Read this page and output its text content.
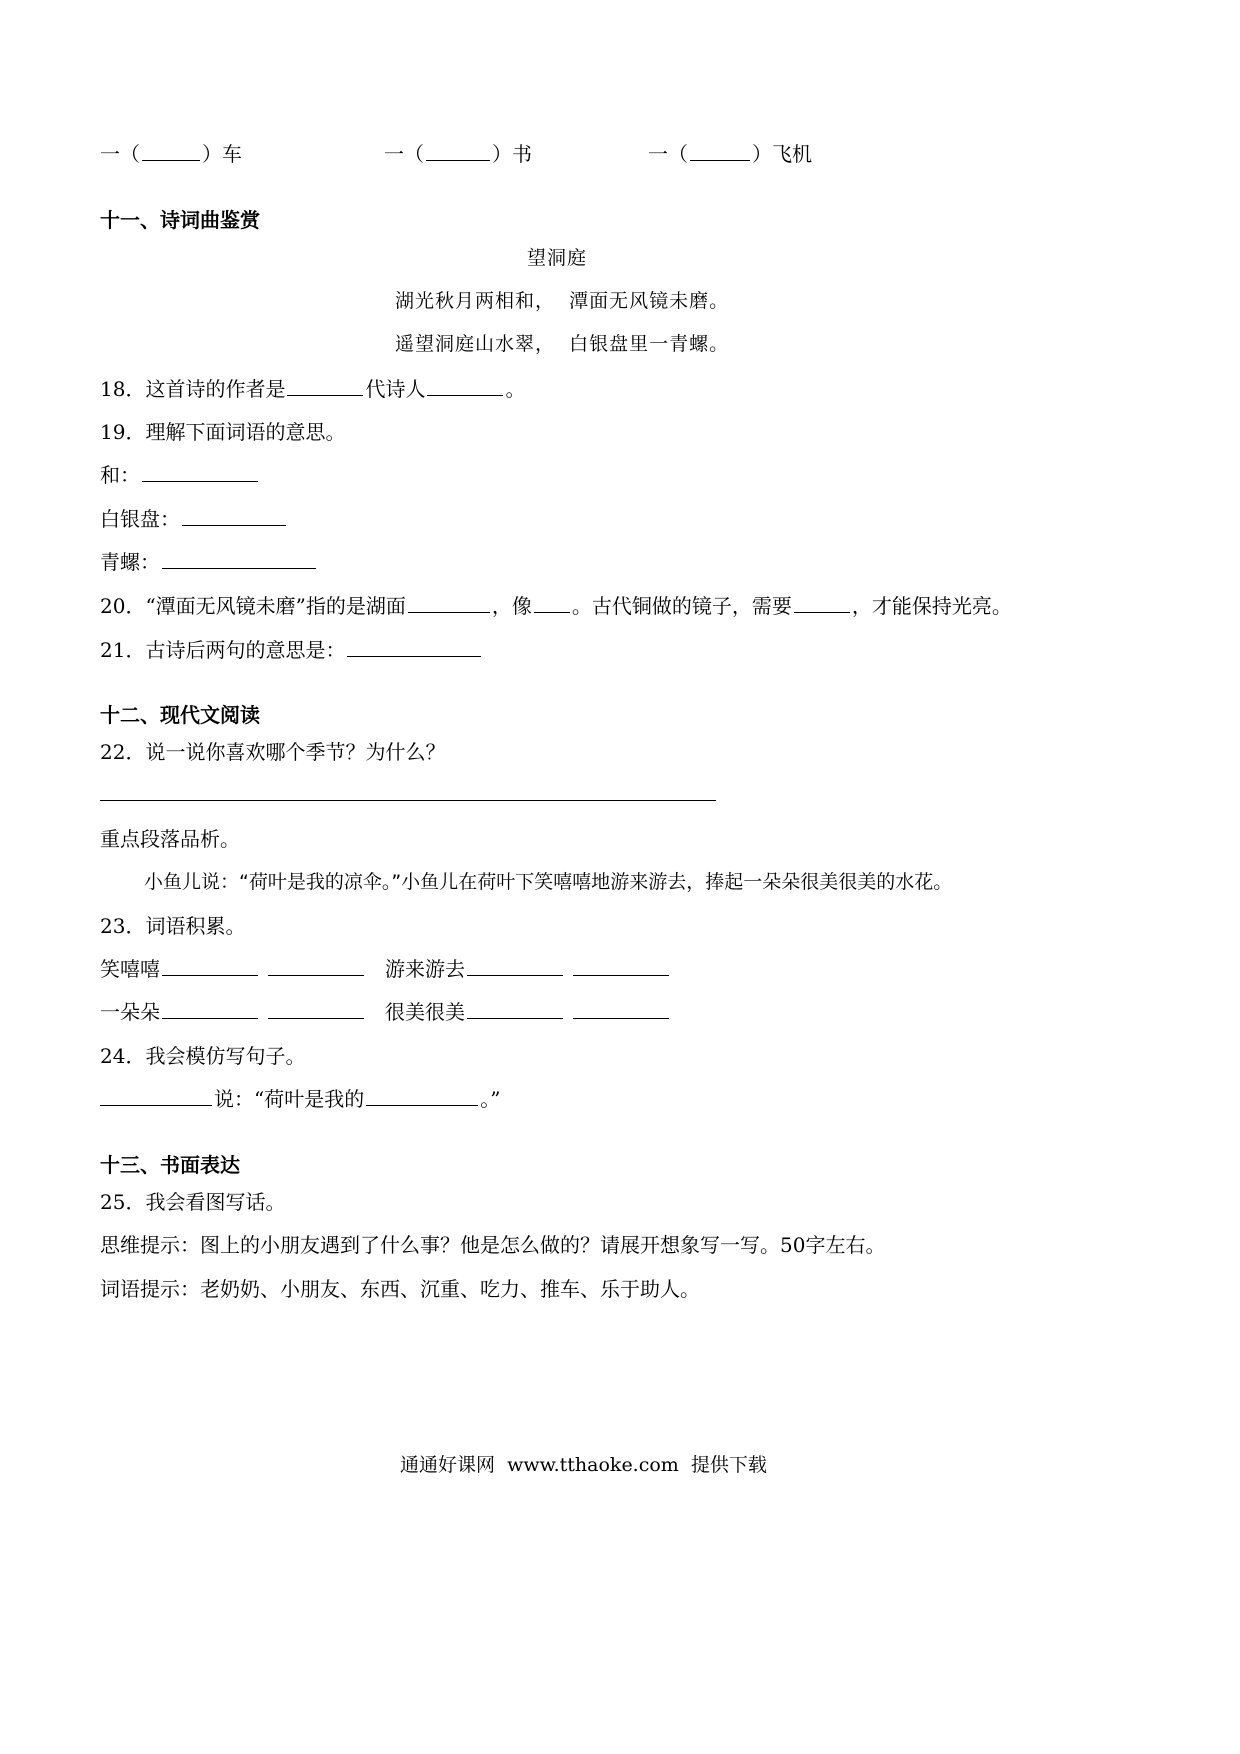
一（	）车	一（	）书	一（	）飞机
十一、诗词曲鉴赏
望洞庭
湖光秋月两相和，  潭面无风镜未磨。
遥望洞庭山水翠，  白银盘里一青螺。
18．这首诗的作者是	代诗人	。
19．理解下面词语的意思。
和：
白银盘：
青螺：
20．“潭面无风镜未磨”指的是湖面	，像 。古代铜做的镜子，需要	，才能保持光亮。
21．古诗后两句的意思是：
十二、现代文阅读
22．说一说你喜欢哪个季节？为什么？
重点段落品析。
小鱼儿说：“荷叶是我的凉伞。”小鱼儿在荷叶下笑嘻嘻地游来游去，捧起一朵朵很美很美的水花。
23．词语积累。
笑嘻嘻	游来游去
一朵朵	很美很美
24．我会模仿写句子。
说：“荷叶是我的	。”
十三、书面表达
25．我会看图写话。
思维提示：图上的小朋友遇到了什么事？他是怎么做的？请展开想象写一写。50字左右。
词语提示：老奶奶、小朋友、东西、沉重、吃力、推车、乐于助人。
通通好课网  www.tthaoke.com  提供下载
